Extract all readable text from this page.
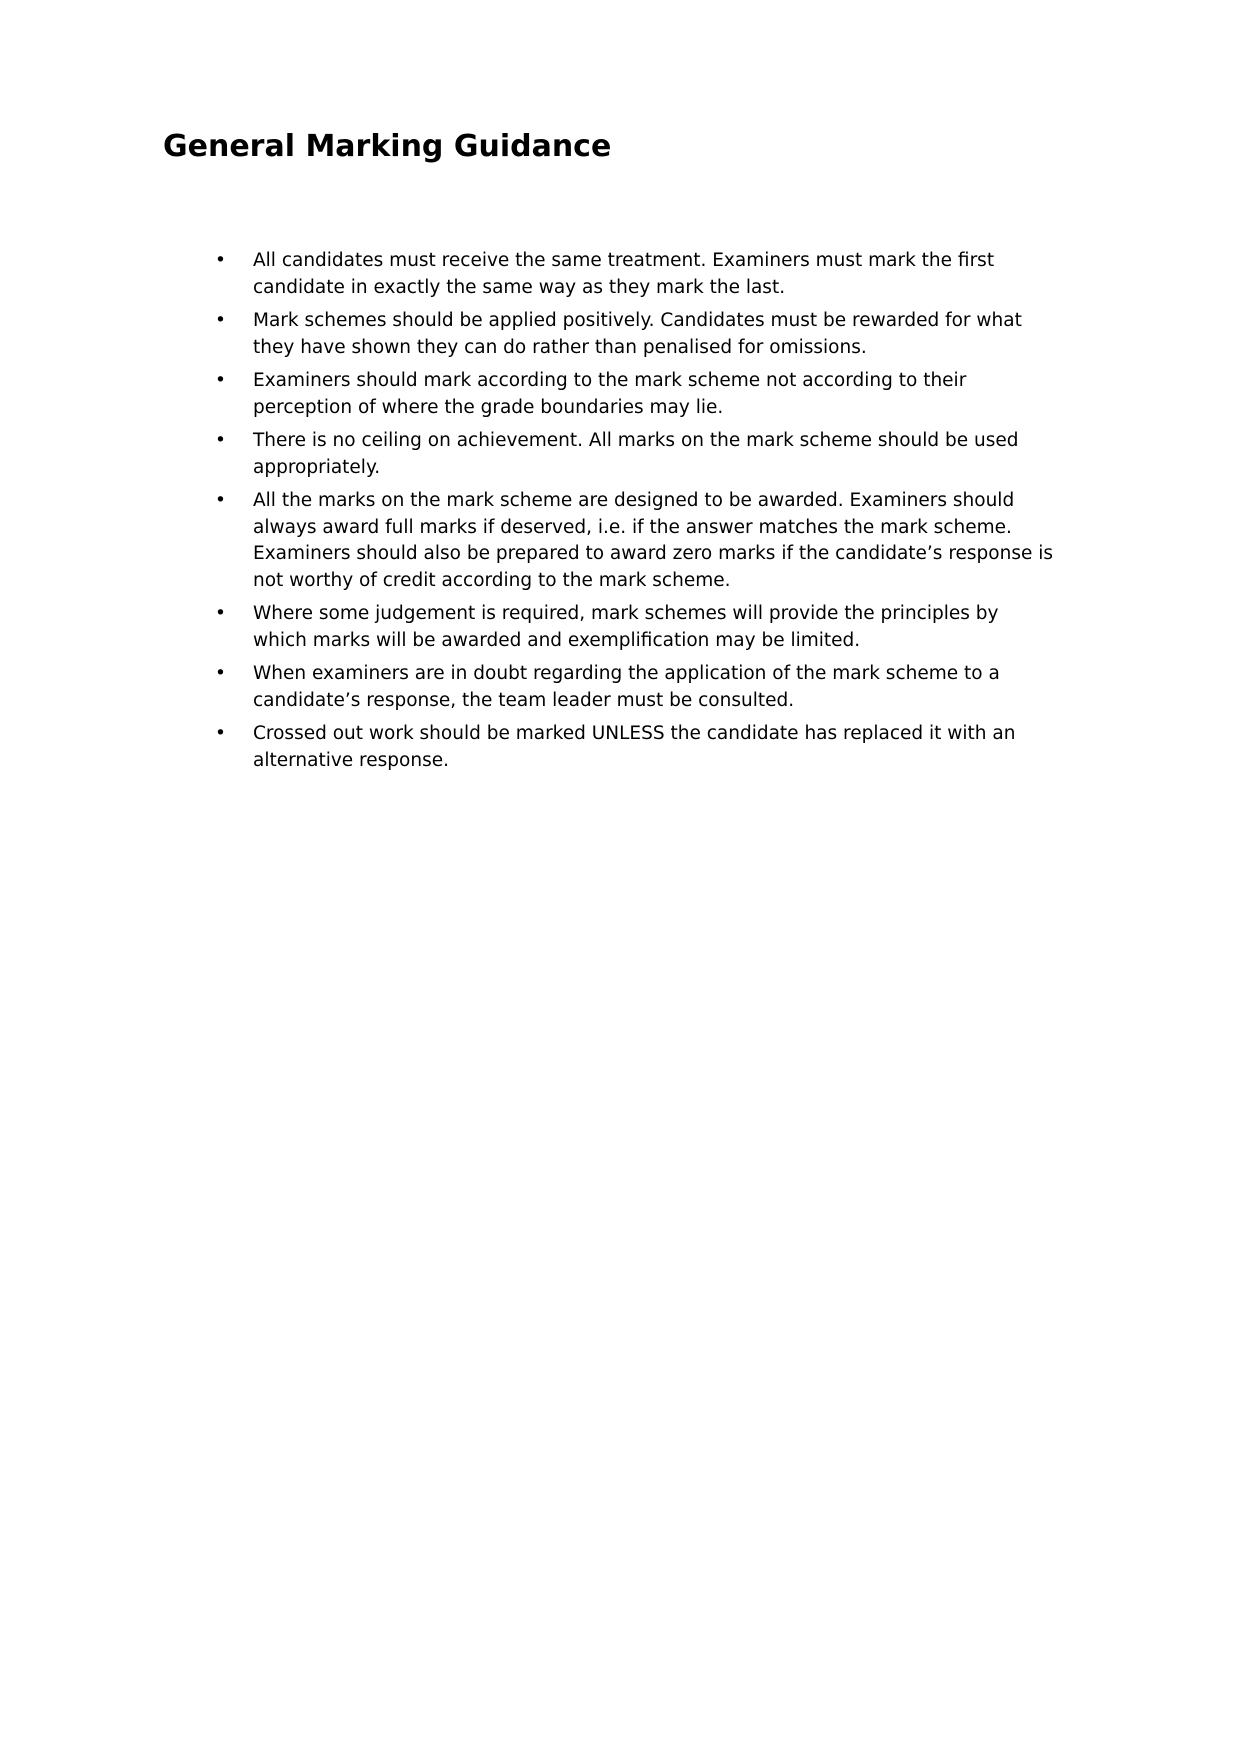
General Marking Guidance
•	All candidates must receive the same treatment. Examiners must mark the first candidate in exactly the same way as they mark the last.
•	Mark schemes should be applied positively. Candidates must be rewarded for what they have shown they can do rather than penalised for omissions.
•	Examiners should mark according to the mark scheme not according to their perception of where the grade boundaries may lie.
•	There is no ceiling on achievement. All marks on the mark scheme should be used appropriately.
•	All the marks on the mark scheme are designed to be awarded. Examiners should always award full marks if deserved, i.e. if the answer matches the mark scheme. Examiners should also be prepared to award zero marks if the candidate’s response is not worthy of credit according to the mark scheme.
•	Where some judgement is required, mark schemes will provide the principles by which marks will be awarded and exemplification may be limited.
•	When examiners are in doubt regarding the application of the mark scheme to a candidate’s response, the team leader must be consulted.
•	Crossed out work should be marked UNLESS the candidate has replaced it with an alternative response.
